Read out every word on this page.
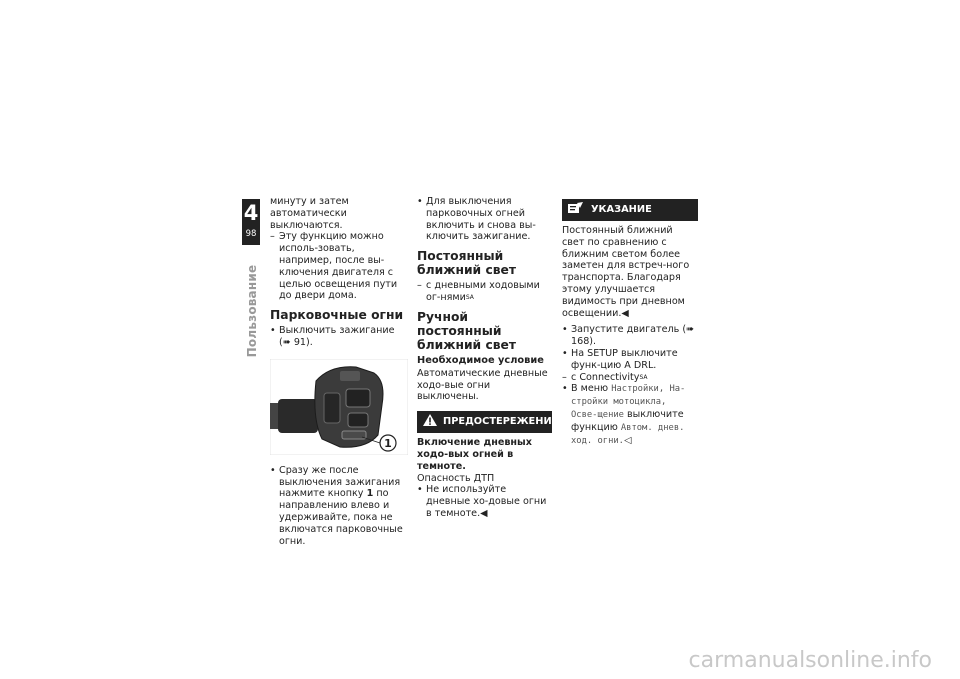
4
98
Пользование

минуту и затем автоматически выключаются.

– Эту функцию можно исполь-зовать, например, после вы-ключения двигателя с целью освещения пути до двери дома.
Парковочные огни
• Выключить зажигание (➠ 91).
1
• Сразу же после выключения зажигания нажмите кнопку 1 по направлению влево и удерживайте, пока не включатся парковочные огни.
• Для выключения парковочных огней включить и снова вы-ключить зажигание.
Постоянный ближний свет
– с дневными ходовыми ог-нями$^{SA}$
Ручной постоянный ближний свет
Необходимое условие

Автоматические дневные ходо-вые огни выключены.

ПРЕДОСТЕРЕЖЕНИЕ

Включение дневных ходо-вых огней в темноте.

Опасность ДТП

• Не используйте дневные хо-довые огни в темноте.◀
УКАЗАНИЕ

Постоянный ближний свет по сравнению с ближним светом более заметен для встреч-ного транспорта. Благодаря этому улучшается видимость при дневном освещении.◀

• Запустите двигатель (➠ 168).
• На SETUP выключите функ-цию A DRL.
– с Connectivity$^{SA}$
• В меню Настройки, На-стройки мотоцикла, Осве-щение выключите функцию Автом. днев. ход. огни.◁
carmanualsonline.info
